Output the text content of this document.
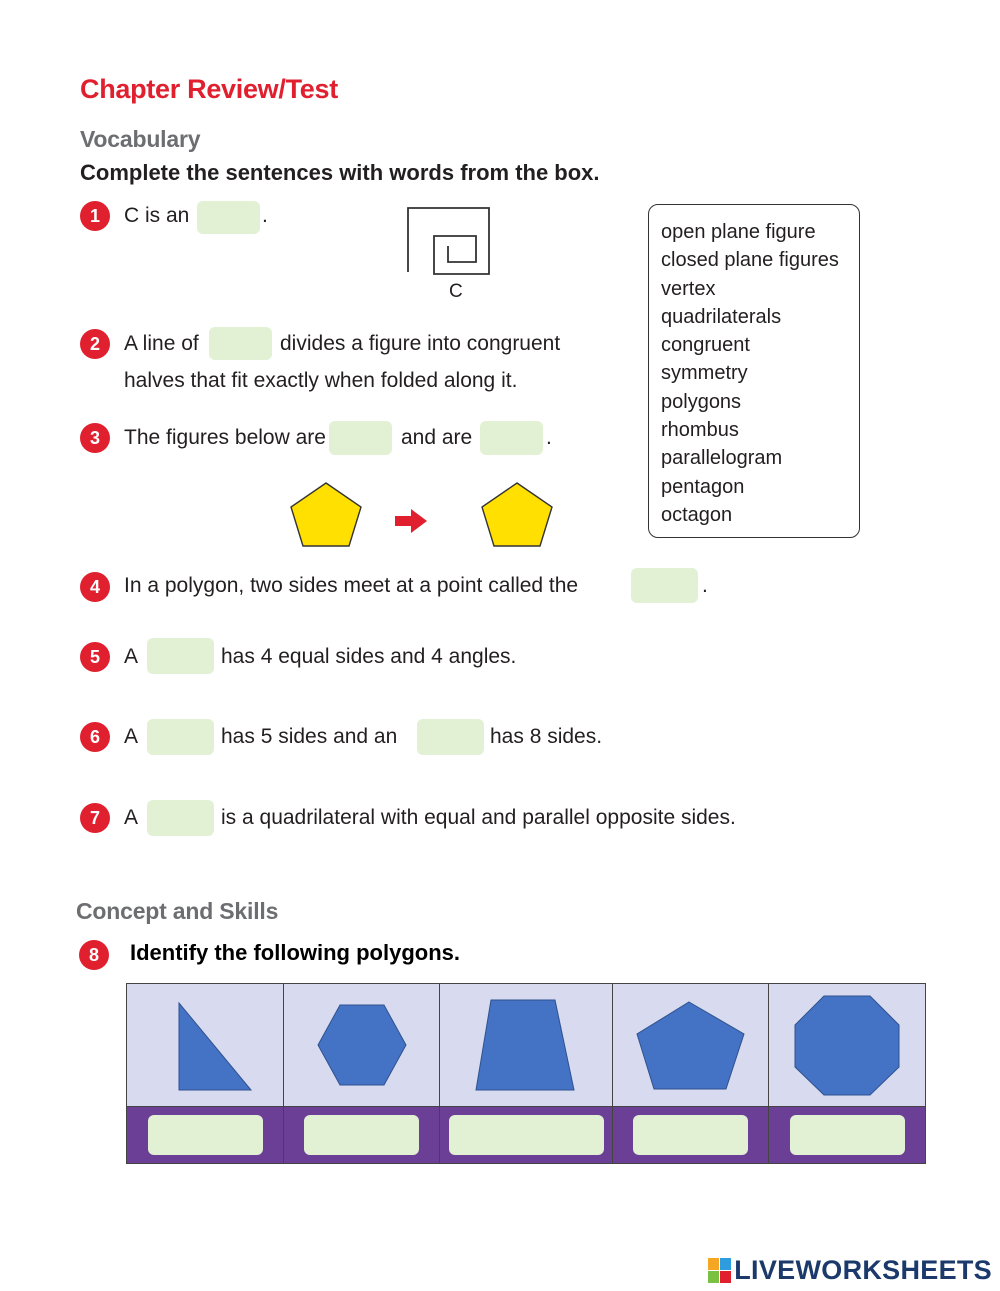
Chapter Review/Test
Vocabulary
Complete the sentences with words from the box.
1	C is an	.
C
2	A line of	divides a figure into congruent
halves that fit exactly when folded along it.
3	The figures below are	and are	.
open plane figure
closed plane figures
vertex
quadrilaterals
congruent
symmetry
polygons
rhombus
parallelogram
pentagon
octagon
4	In a polygon, two sides meet at a point called the	.
5	A	has 4 equal sides and 4 angles.
6	A	has 5 sides and an	has 8 sides.
7	A	is a quadrilateral with equal and parallel opposite sides.
Concept and Skills
8	Identify the following polygons.
LIVEWORKSHEETS
